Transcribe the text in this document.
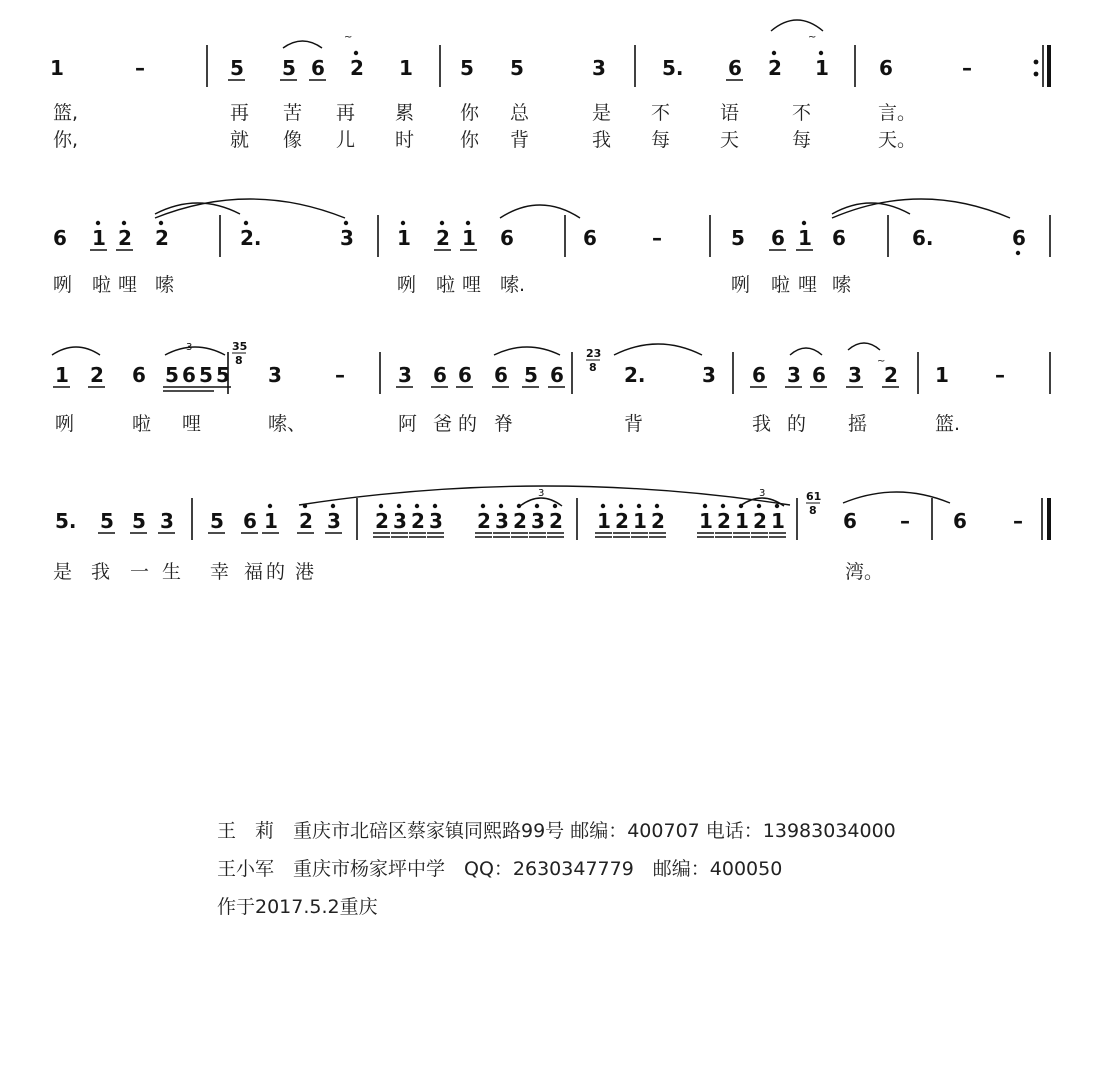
1	–	5 5 6 2 1 5 5	3	5. 6 2 1	6	–
6 1 2 2	2.	3 1 2 1 6	6	–	5 6 1 6	6.	6
1 2 6 5 6 5 5 3	–	3 6 6 6 5 6	2.	3 6 3 6 3 2 1 –
5. 5 5 3 5 6 1 2 3 2 3 2 3 2 3 2 3 2 1 2 1 2 1 2 1 2 1	6 – 6 –
篮,	再 苦 再 累 你 总	是 不	语	不	言。
你,	就 像 儿 时 你 背	我 每	天	每	天。
咧 啦 哩 嗦	咧 啦 哩 嗦.	咧 啦 哩 嗦
咧	啦 哩	嗦、	阿 爸 的 脊	背	我 的 摇	篮.
是 我 一 生 幸 福 的 港	湾。
3	3
3
~	~
~
35
8
23
8
61
8
王　莉　重庆市北碚区蔡家镇同熙路99号 邮编：400707 电话：13983034000
王小军　重庆市杨家坪中学　QQ：2630347779　邮编：400050
作于2017.5.2重庆
